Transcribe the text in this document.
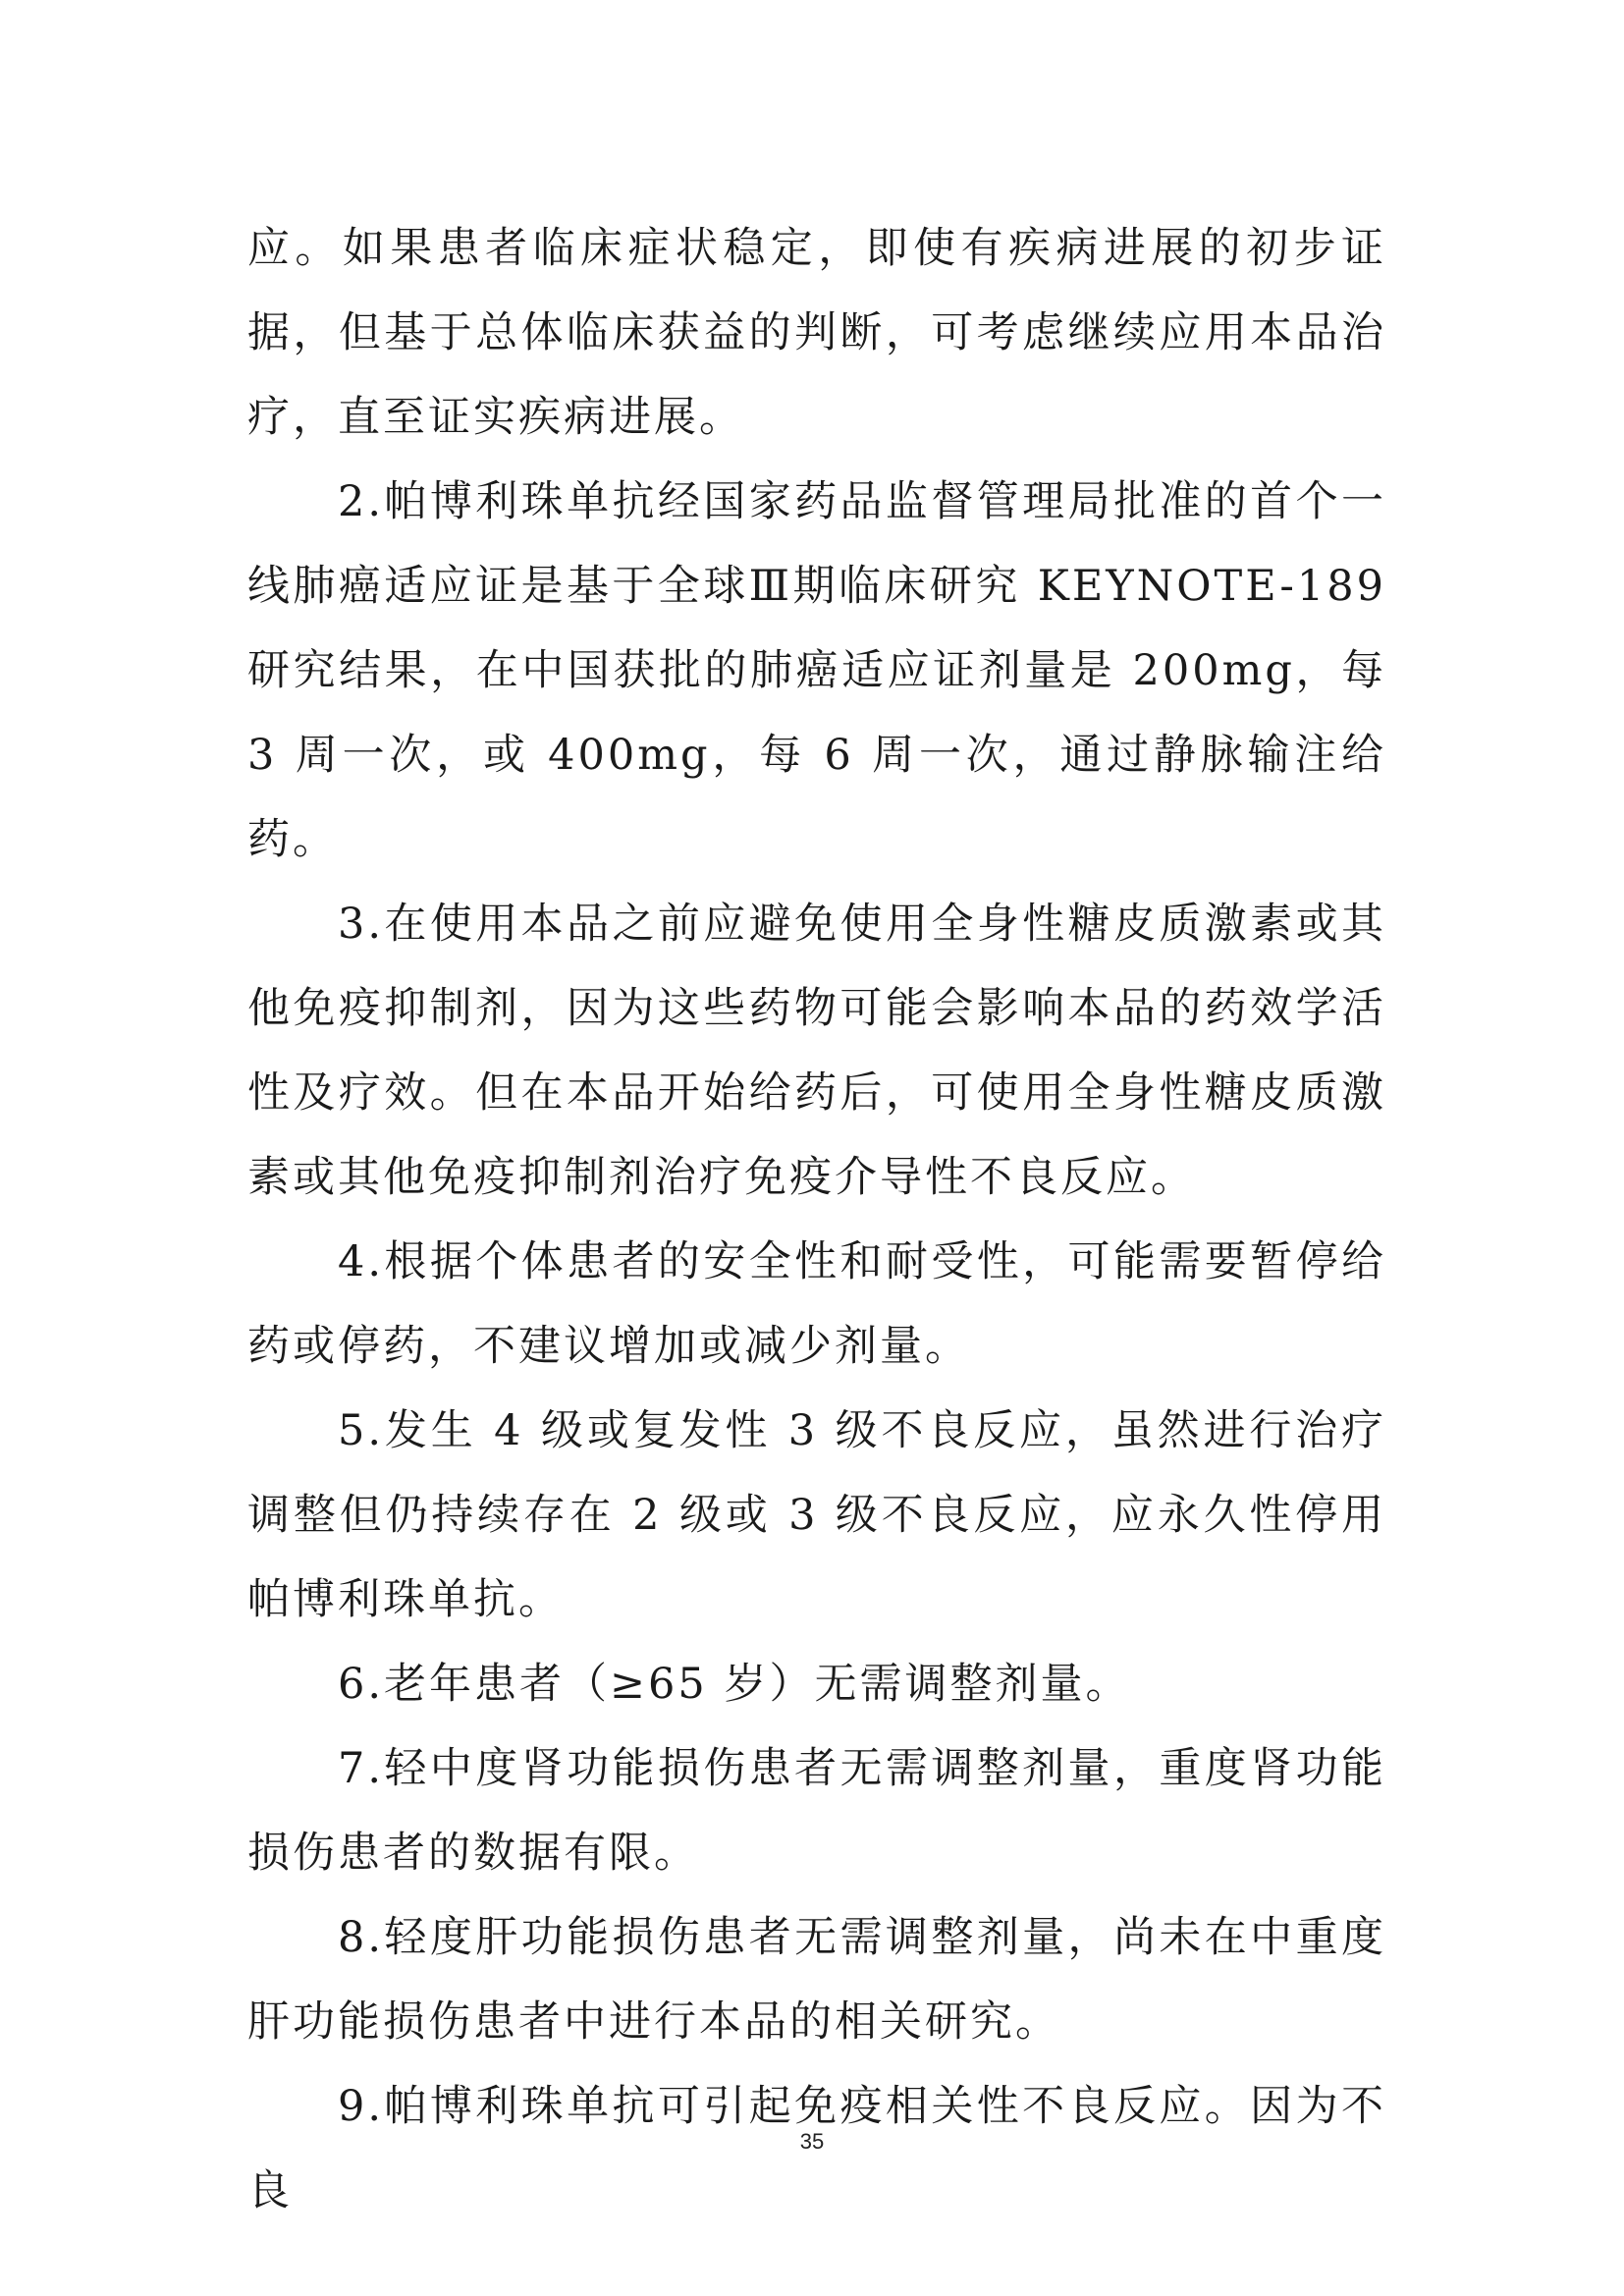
应。如果患者临床症状稳定，即使有疾病进展的初步证据，但基于总体临床获益的判断，可考虑继续应用本品治疗，直至证实疾病进展。

2.帕博利珠单抗经国家药品监督管理局批准的首个一线肺癌适应证是基于全球Ⅲ期临床研究 KEYNOTE-189 研究结果，在中国获批的肺癌适应证剂量是 200mg，每 3 周一次，或 400mg，每 6 周一次，通过静脉输注给药。

3.在使用本品之前应避免使用全身性糖皮质激素或其他免疫抑制剂，因为这些药物可能会影响本品的药效学活性及疗效。但在本品开始给药后，可使用全身性糖皮质激素或其他免疫抑制剂治疗免疫介导性不良反应。

4.根据个体患者的安全性和耐受性，可能需要暂停给药或停药，不建议增加或减少剂量。

5.发生 4 级或复发性 3 级不良反应，虽然进行治疗调整但仍持续存在 2 级或 3 级不良反应，应永久性停用帕博利珠单抗。

6.老年患者（≥65 岁）无需调整剂量。

7.轻中度肾功能损伤患者无需调整剂量，重度肾功能损伤患者的数据有限。

8.轻度肝功能损伤患者无需调整剂量，尚未在中重度肝功能损伤患者中进行本品的相关研究。

9.帕博利珠单抗可引起免疫相关性不良反应。因为不良

35
